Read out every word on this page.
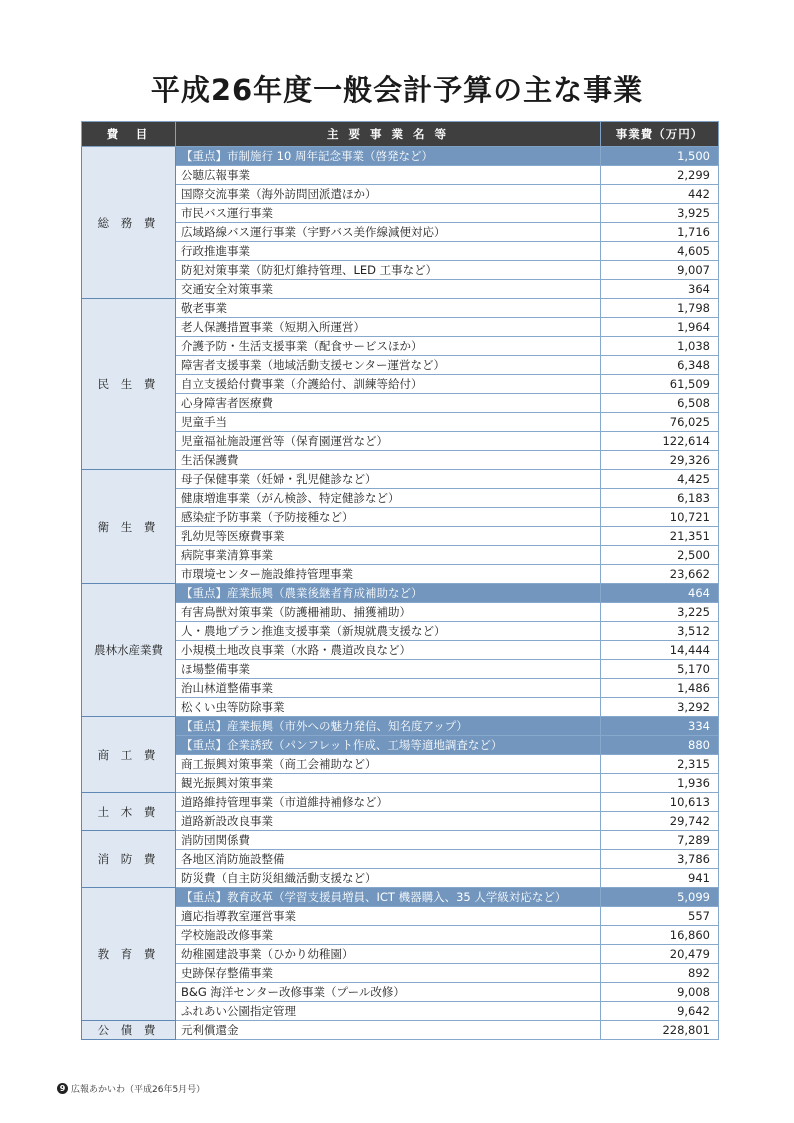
平成26年度一般会計予算の主な事業
費　目	主 要 事 業 名 等	事業費（万円）
総 務 費	【重点】市制施行 10 周年記念事業（啓発など）	1,500
	公聴広報事業	2,299
	国際交流事業（海外訪問団派遣ほか）	442
	市民バス運行事業	3,925
	広域路線バス運行事業（宇野バス美作線減便対応）	1,716
	行政推進事業	4,605
	防犯対策事業（防犯灯維持管理、LED 工事など）	9,007
	交通安全対策事業	364
民 生 費	敬老事業	1,798
	老人保護措置事業（短期入所運営）	1,964
	介護予防・生活支援事業（配食サービスほか）	1,038
	障害者支援事業（地域活動支援センター運営など）	6,348
	自立支援給付費事業（介護給付、訓練等給付）	61,509
	心身障害者医療費	6,508
	児童手当	76,025
	児童福祉施設運営等（保育園運営など）	122,614
	生活保護費	29,326
衛 生 費	母子保健事業（妊婦・乳児健診など）	4,425
	健康増進事業（がん検診、特定健診など）	6,183
	感染症予防事業（予防接種など）	10,721
	乳幼児等医療費事業	21,351
	病院事業清算事業	2,500
	市環境センター施設維持管理事業	23,662
農林水産業費	【重点】産業振興（農業後継者育成補助など）	464
	有害鳥獣対策事業（防護柵補助、捕獲補助）	3,225
	人・農地プラン推進支援事業（新規就農支援など）	3,512
	小規模土地改良事業（水路・農道改良など）	14,444
	ほ場整備事業	5,170
	治山林道整備事業	1,486
	松くい虫等防除事業	3,292
商 工 費	【重点】産業振興（市外への魅力発信、知名度アップ）	334
	【重点】企業誘致（パンフレット作成、工場等適地調査など）	880
	商工振興対策事業（商工会補助など）	2,315
	観光振興対策事業	1,936
土 木 費	道路維持管理事業（市道維持補修など）	10,613
	道路新設改良事業	29,742
消 防 費	消防団関係費	7,289
	各地区消防施設整備	3,786
	防災費（自主防災組織活動支援など）	941
教 育 費	【重点】教育改革（学習支援員増員、ICT 機器購入、35 人学級対応など）	5,099
	適応指導教室運営事業	557
	学校施設改修事業	16,860
	幼稚園建設事業（ひかり幼稚園）	20,479
	史跡保存整備事業	892
	B&G 海洋センター改修事業（プール改修）	9,008
	ふれあい公園指定管理	9,642
公 債 費	元利償還金	228,801
9 広報あかいわ（平成26年5月号）
